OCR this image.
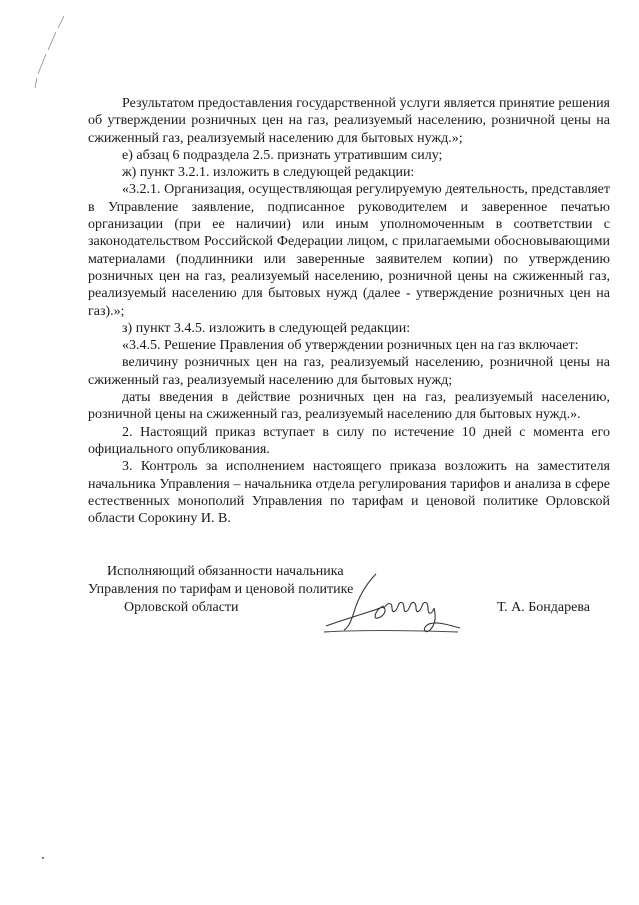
Результатом предоставления государственной услуги является принятие решения об утверждении розничных цен на газ, реализуемый населению, розничной цены на сжиженный газ, реализуемый населению для бытовых нужд.»;

е) абзац 6 подраздела 2.5. признать утратившим силу;

ж) пункт 3.2.1. изложить в следующей редакции:

«3.2.1. Организация, осуществляющая регулируемую деятельность, представляет в Управление заявление, подписанное руководителем и заверенное печатью организации (при ее наличии) или иным уполномоченным в соответствии с законодательством Российской Федерации лицом, с прилагаемыми обосновывающими материалами (подлинники или заверенные заявителем копии) по утверждению розничных цен на газ, реализуемый населению, розничной цены на сжиженный газ, реализуемый населению для бытовых нужд (далее - утверждение розничных цен на газ).»;

з) пункт 3.4.5. изложить в следующей редакции:

«3.4.5. Решение Правления об утверждении розничных цен на газ включает:

величину розничных цен на газ, реализуемый населению, розничной цены на сжиженный газ, реализуемый населению для бытовых нужд;

даты введения в действие розничных цен на газ, реализуемый населению, розничной цены на сжиженный газ, реализуемый населению для бытовых нужд.».

2. Настоящий приказ вступает в силу по истечение 10 дней с момента его официального опубликования.

3. Контроль за исполнением настоящего приказа возложить на заместителя начальника Управления – начальника отдела регулирования тарифов и анализа в сфере естественных монополий Управления по тарифам и ценовой политике Орловской области Сорокину И. В.

Исполняющий обязанности начальника
Управления по тарифам и ценовой политике
Орловской области	Т. А. Бондарева
